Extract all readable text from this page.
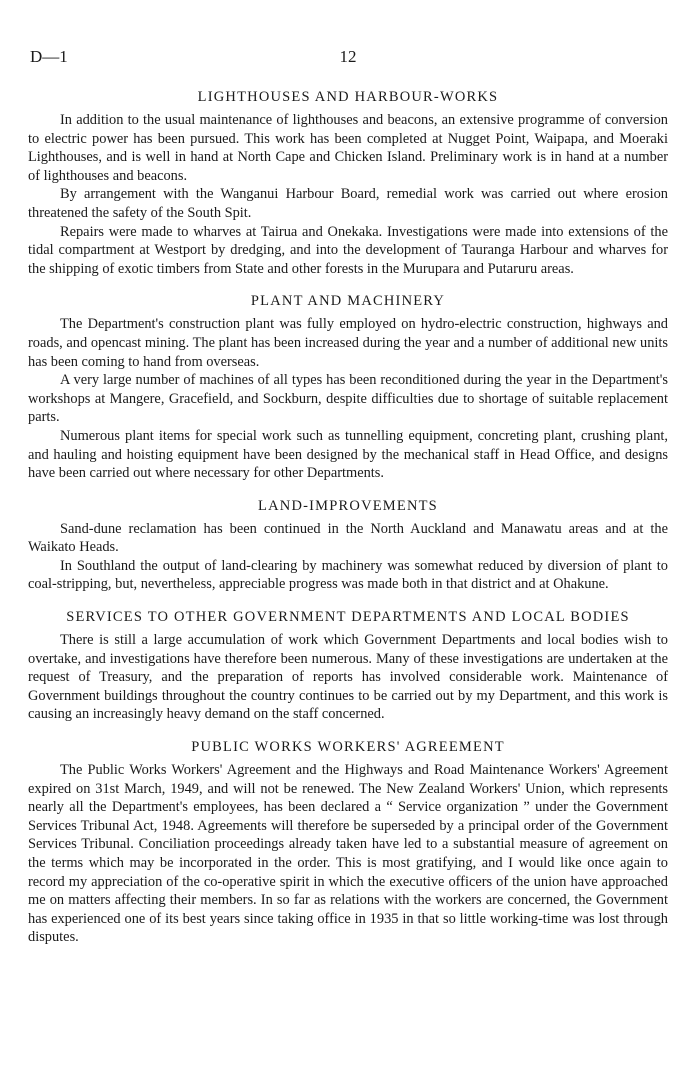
D—1	12
LIGHTHOUSES AND HARBOUR-WORKS

In addition to the usual maintenance of lighthouses and beacons, an extensive programme of conversion to electric power has been pursued. This work has been completed at Nugget Point, Waipapa, and Moeraki Lighthouses, and is well in hand at North Cape and Chicken Island. Preliminary work is in hand at a number of lighthouses and beacons.

By arrangement with the Wanganui Harbour Board, remedial work was carried out where erosion threatened the safety of the South Spit.

Repairs were made to wharves at Tairua and Onekaka. Investigations were made into extensions of the tidal compartment at Westport by dredging, and into the development of Tauranga Harbour and wharves for the shipping of exotic timbers from State and other forests in the Murupara and Putaruru areas.

PLANT AND MACHINERY

The Department's construction plant was fully employed on hydro-electric construction, highways and roads, and opencast mining. The plant has been increased during the year and a number of additional new units has been coming to hand from overseas.

A very large number of machines of all types has been reconditioned during the year in the Department's workshops at Mangere, Gracefield, and Sockburn, despite difficulties due to shortage of suitable replacement parts.

Numerous plant items for special work such as tunnelling equipment, concreting plant, crushing plant, and hauling and hoisting equipment have been designed by the mechanical staff in Head Office, and designs have been carried out where necessary for other Departments.

LAND-IMPROVEMENTS

Sand-dune reclamation has been continued in the North Auckland and Manawatu areas and at the Waikato Heads.

In Southland the output of land-clearing by machinery was somewhat reduced by diversion of plant to coal-stripping, but, nevertheless, appreciable progress was made both in that district and at Ohakune.

SERVICES TO OTHER GOVERNMENT DEPARTMENTS AND LOCAL BODIES

There is still a large accumulation of work which Government Departments and local bodies wish to overtake, and investigations have therefore been numerous. Many of these investigations are undertaken at the request of Treasury, and the preparation of reports has involved considerable work. Maintenance of Government buildings throughout the country continues to be carried out by my Department, and this work is causing an increasingly heavy demand on the staff concerned.

PUBLIC WORKS WORKERS' AGREEMENT

The Public Works Workers' Agreement and the Highways and Road Maintenance Workers' Agreement expired on 31st March, 1949, and will not be renewed. The New Zealand Workers' Union, which represents nearly all the Department's employees, has been declared a “ Service organization ” under the Government Services Tribunal Act, 1948. Agreements will therefore be superseded by a principal order of the Government Services Tribunal. Conciliation proceedings already taken have led to a substantial measure of agreement on the terms which may be incorporated in the order. This is most gratifying, and I would like once again to record my appreciation of the co-operative spirit in which the executive officers of the union have approached me on matters affecting their members. In so far as relations with the workers are concerned, the Government has experienced one of its best years since taking office in 1935 in that so little working-time was lost through disputes.
